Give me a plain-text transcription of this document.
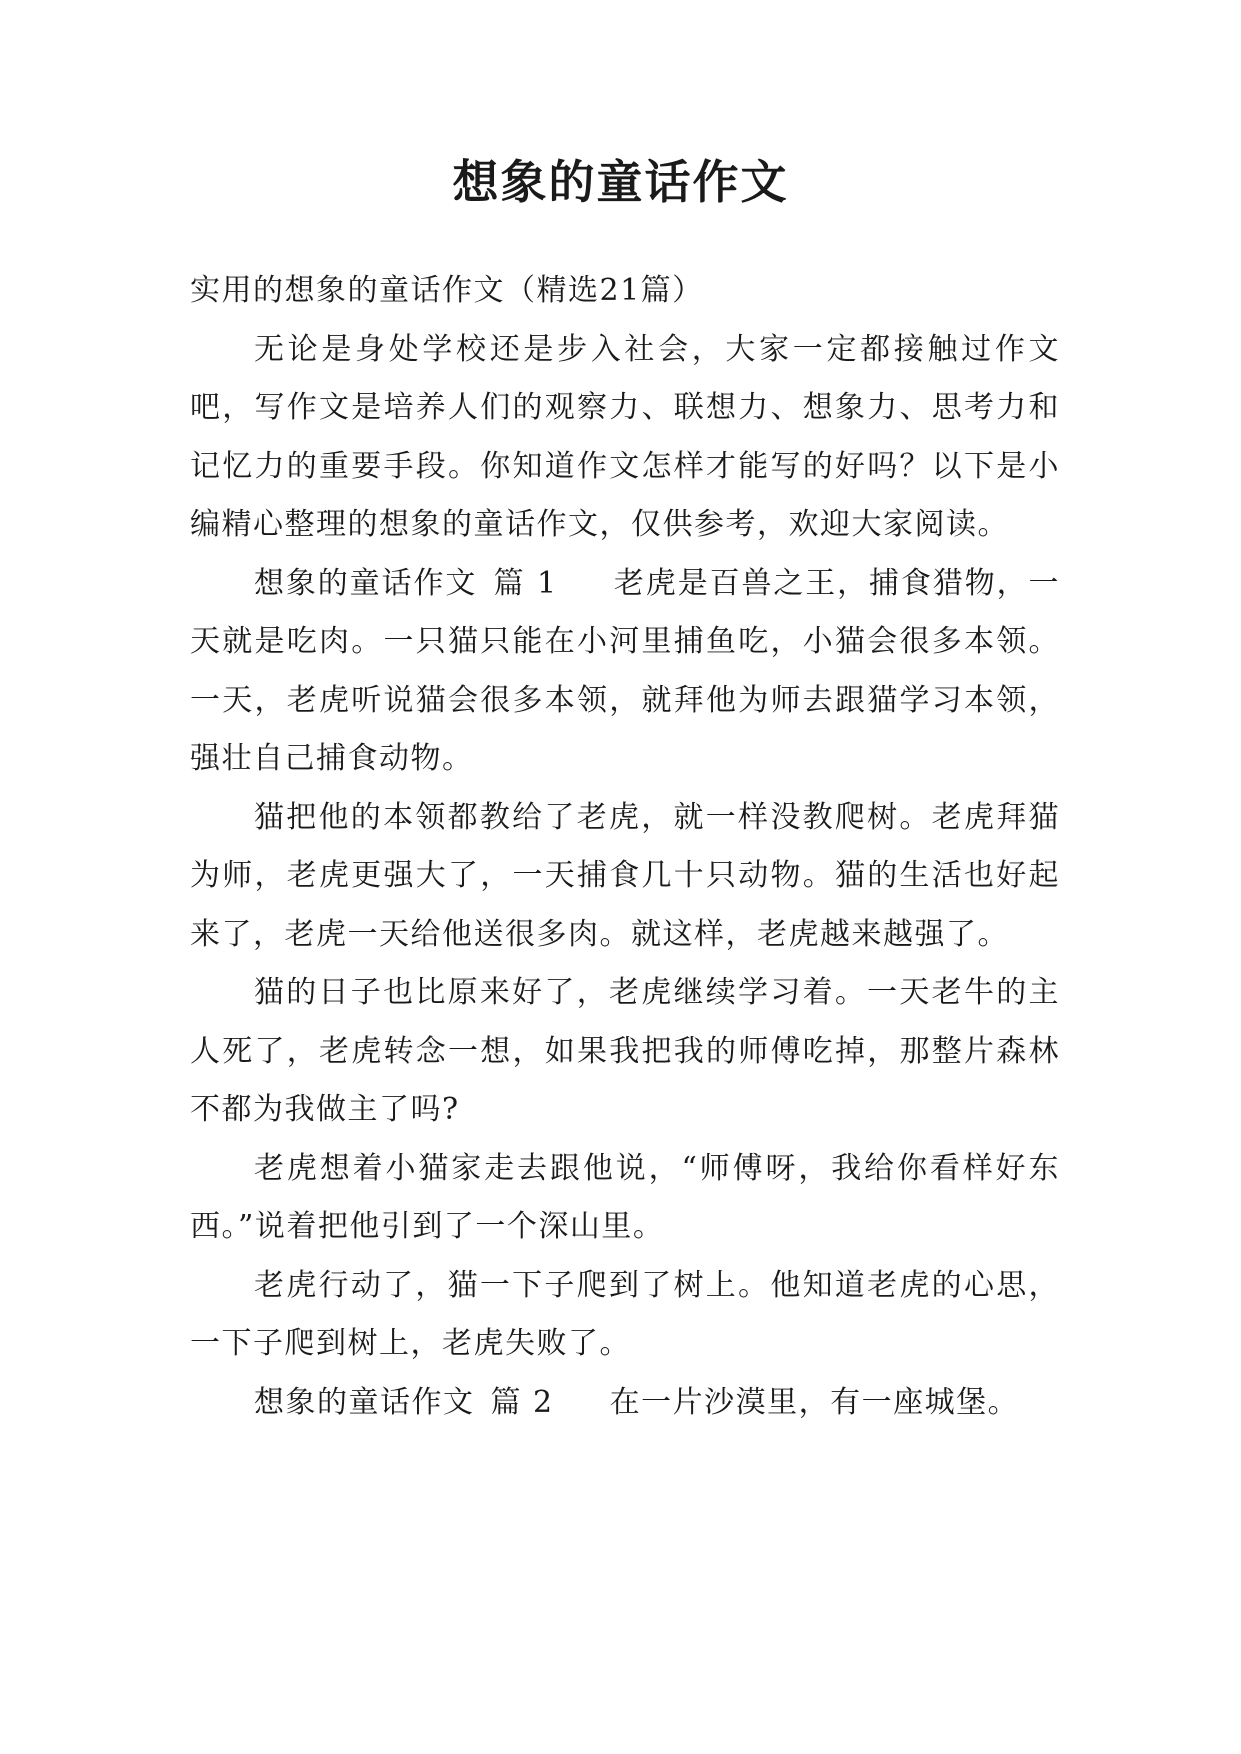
想象的童话作文

实用的想象的童话作文（精选21篇）

无论是身处学校还是步入社会，大家一定都接触过作文吧，写作文是培养人们的观察力、联想力、想象力、思考力和记忆力的重要手段。你知道作文怎样才能写的好吗？以下是小编精心整理的想象的童话作文，仅供参考，欢迎大家阅读。

想象的童话作文 篇 1 老虎是百兽之王，捕食猎物，一天就是吃肉。一只猫只能在小河里捕鱼吃，小猫会很多本领。一天，老虎听说猫会很多本领，就拜他为师去跟猫学习本领，强壮自己捕食动物。

猫把他的本领都教给了老虎，就一样没教爬树。老虎拜猫为师，老虎更强大了，一天捕食几十只动物。猫的生活也好起来了，老虎一天给他送很多肉。就这样，老虎越来越强了。

猫的日子也比原来好了，老虎继续学习着。一天老牛的主人死了，老虎转念一想，如果我把我的师傅吃掉，那整片森林不都为我做主了吗?

老虎想着小猫家走去跟他说，“师傅呀，我给你看样好东西。”说着把他引到了一个深山里。

老虎行动了，猫一下子爬到了树上。他知道老虎的心思，一下子爬到树上，老虎失败了。

想象的童话作文 篇 2 在一片沙漠里，有一座城堡。
